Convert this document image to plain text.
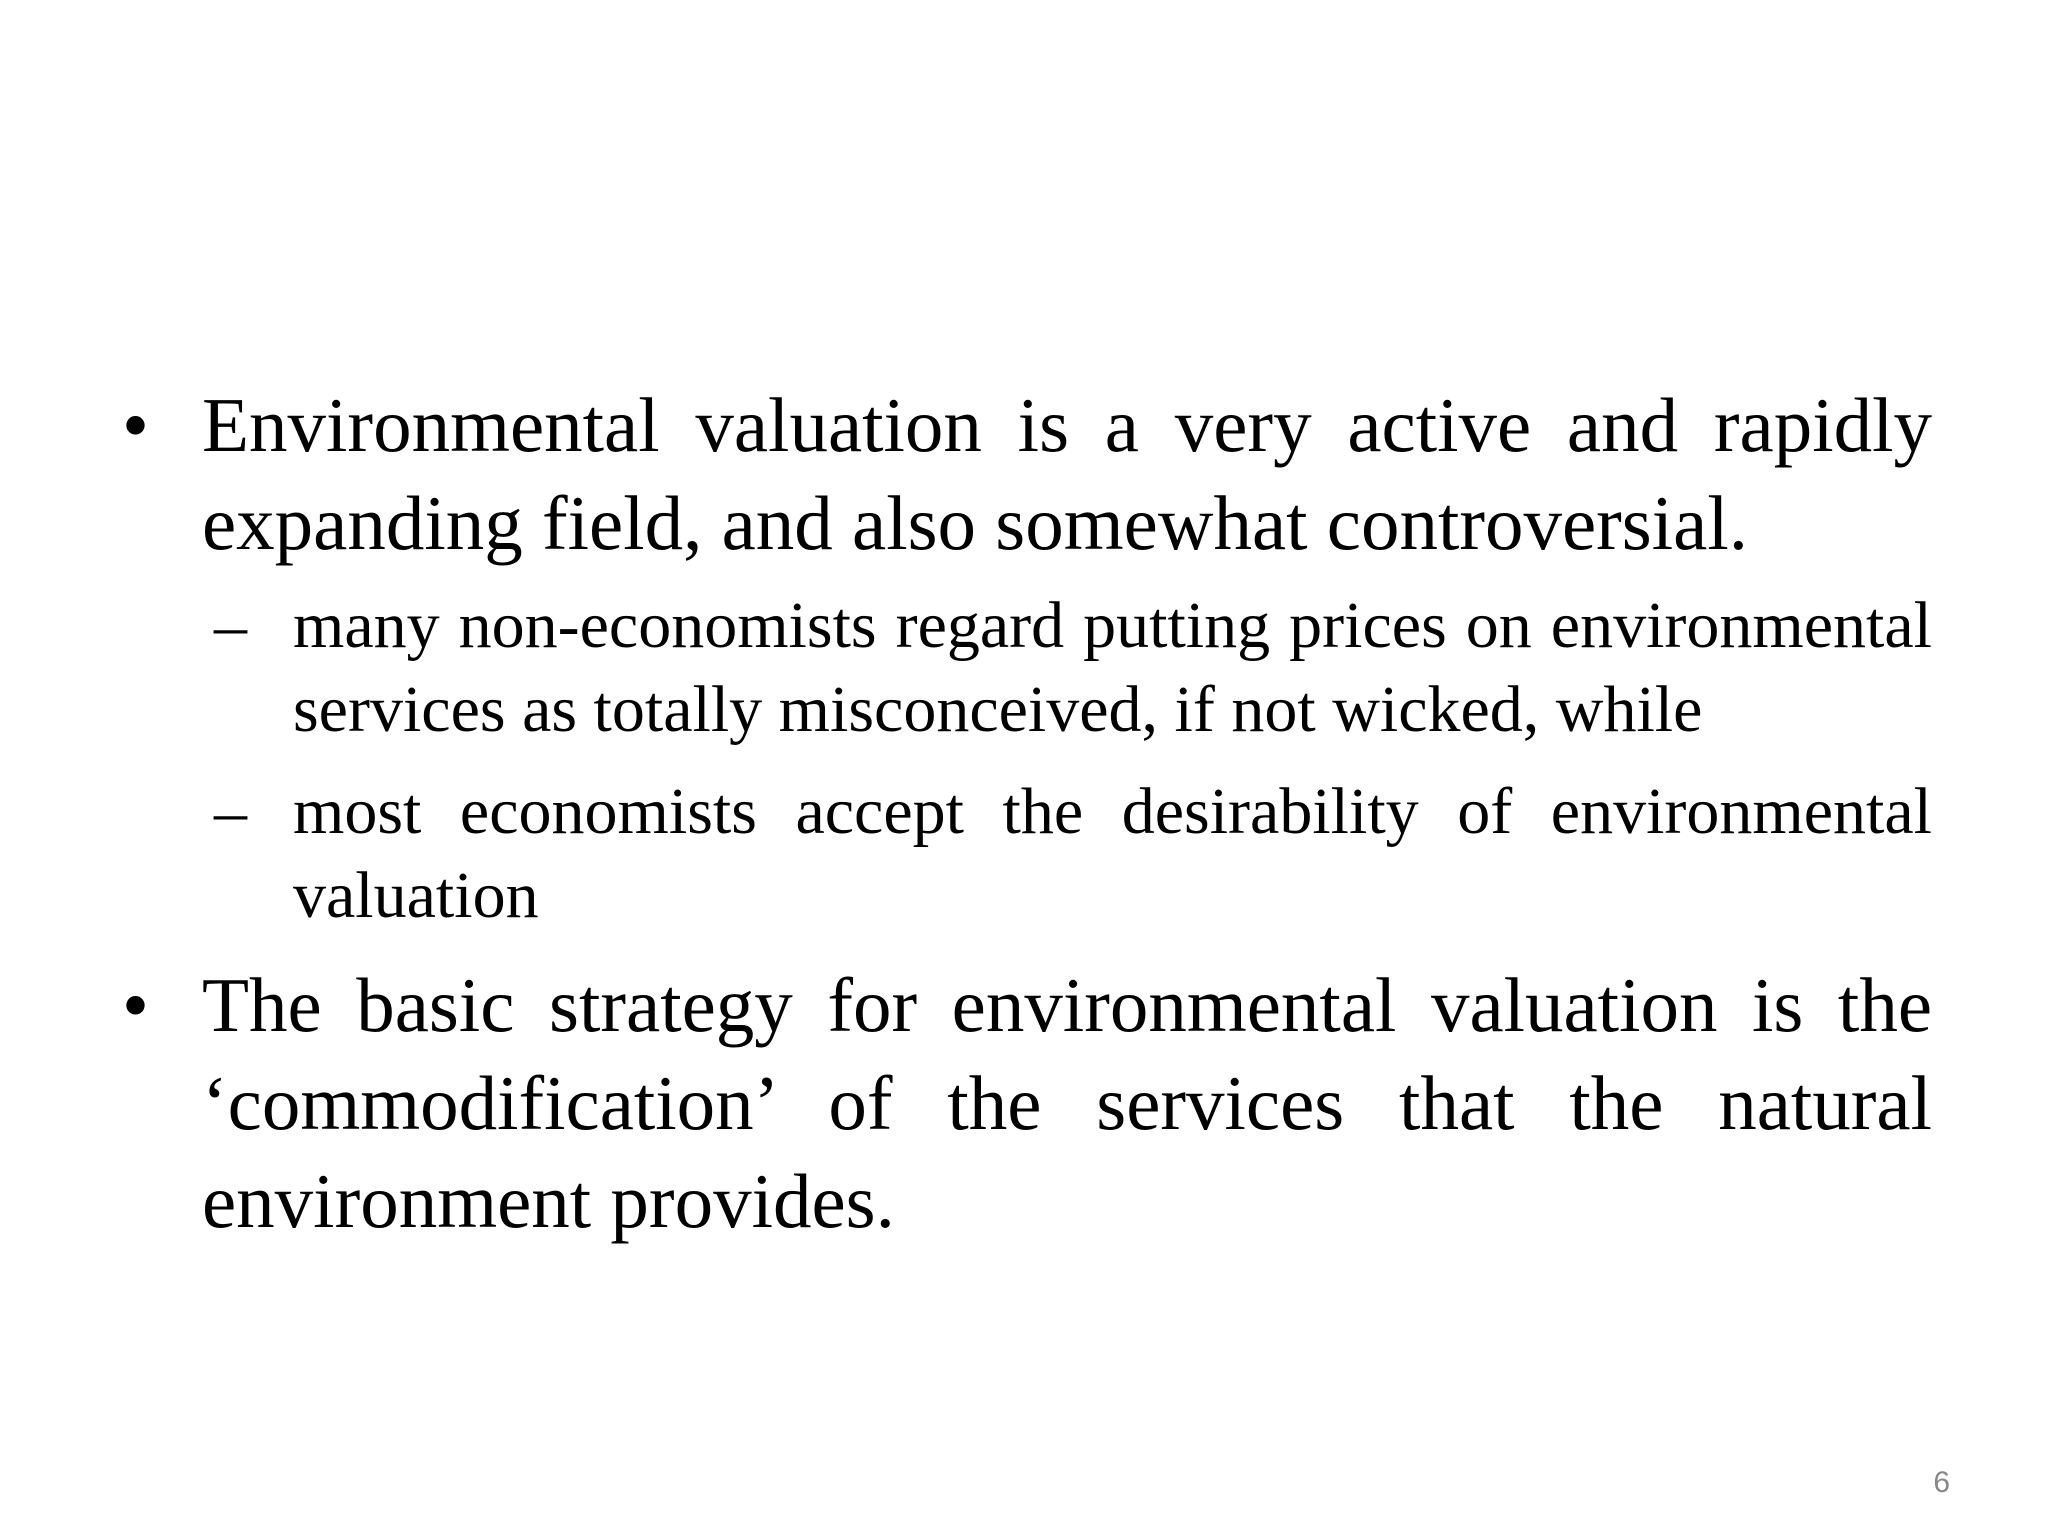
• Environmental valuation is a very active and rapidly expanding field, and also somewhat controversial.
– many non-economists regard putting prices on environmental services as totally misconceived, if not wicked, while
– most economists accept the desirability of environmental valuation
• The basic strategy for environmental valuation is the ‘commodification’ of the services that the natural environment provides.
6
